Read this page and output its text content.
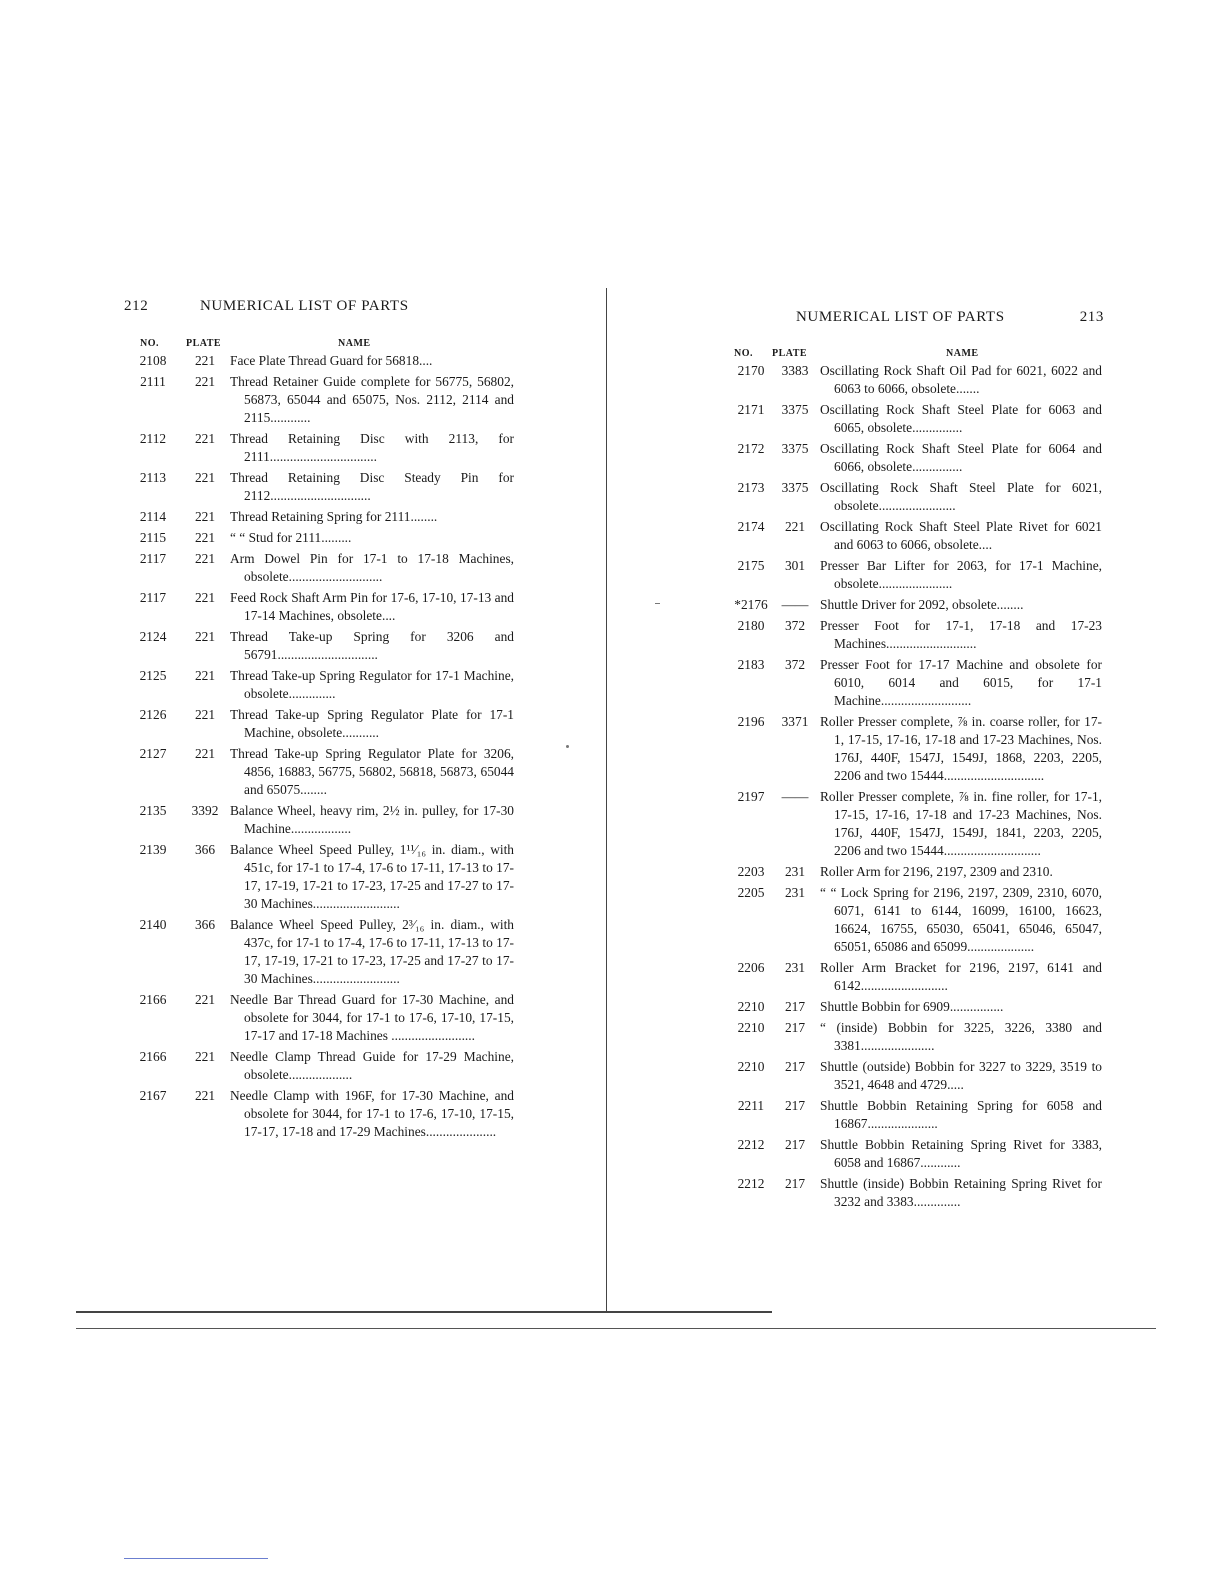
212	NUMERICAL LIST OF PARTS
NO.	PLATE	NAME
2108	221	Face Plate Thread Guard for 56818....
2111	221	Thread Retainer Guide complete for 56775, 56802, 56873, 65044 and 65075, Nos. 2112, 2114 and 2115............
2112	221	Thread Retaining Disc with 2113, for 2111................................
2113	221	Thread Retaining Disc Steady Pin for 2112..............................
2114	221	Thread Retaining Spring for 2111........
2115	221	“ “ Stud for 2111.........
2117	221	Arm Dowel Pin for 17-1 to 17-18 Machines, obsolete............................
2117	221	Feed Rock Shaft Arm Pin for 17-6, 17-10, 17-13 and 17-14 Machines, obsolete....
2124	221	Thread Take-up Spring for 3206 and 56791..............................
2125	221	Thread Take-up Spring Regulator for 17-1 Machine, obsolete..............
2126	221	Thread Take-up Spring Regulator Plate for 17-1 Machine, obsolete...........
2127	221	Thread Take-up Spring Regulator Plate for 3206, 4856, 16883, 56775, 56802, 56818, 56873, 65044 and 65075........
2135	3392 Balance Wheel, heavy rim, 2½ in. pulley, for 17-30 Machine..................
2139	366	Balance Wheel Speed Pulley, 1¹¹⁄₁₆ in. diam., with 451c, for 17-1 to 17-4, 17-6 to 17-11, 17-13 to 17-17, 17-19, 17-21 to 17-23, 17-25 and 17-27 to 17-30 Machines..........................
2140	366	Balance Wheel Speed Pulley, 2³⁄₁₆ in. diam., with 437c, for 17-1 to 17-4, 17-6 to 17-11, 17-13 to 17-17, 17-19, 17-21 to 17-23, 17-25 and 17-27 to 17-30 Machines..........................
2166	221	Needle Bar Thread Guard for 17-30 Machine, and obsolete for 3044, for 17-1 to 17-6, 17-10, 17-15, 17-17 and 17-18 Machines .........................
2166	221	Needle Clamp Thread Guide for 17-29 Machine, obsolete...................
2167	221	Needle Clamp with 196F, for 17-30 Machine, and obsolete for 3044, for 17-1 to 17-6, 17-10, 17-15, 17-17, 17-18 and 17-29 Machines.....................
NUMERICAL LIST OF PARTS	213
NO. PLATE	NAME
2170	3383 Oscillating Rock Shaft Oil Pad for 6021, 6022 and 6063 to 6066, obsolete.......
2171	3375 Oscillating Rock Shaft Steel Plate for 6063 and 6065, obsolete...............
2172	3375 Oscillating Rock Shaft Steel Plate for 6064 and 6066, obsolete...............
2173	3375 Oscillating Rock Shaft Steel Plate for 6021, obsolete.......................
2174	221	Oscillating Rock Shaft Steel Plate Rivet for 6021 and 6063 to 6066, obsolete....
2175	301	Presser Bar Lifter for 2063, for 17-1 Machine, obsolete......................
*2176	—— Shuttle Driver for 2092, obsolete........
2180	372	Presser Foot for 17-1, 17-18 and 17-23 Machines...........................
2183	372	Presser Foot for 17-17 Machine and obsolete for 6010, 6014 and 6015, for 17-1 Machine...........................
2196	3371 Roller Presser complete, ⅞ in. coarse roller, for 17-1, 17-15, 17-16, 17-18 and 17-23 Machines, Nos. 176J, 440F, 1547J, 1549J, 1868, 2203, 2205, 2206 and two 15444..............................
2197	—— Roller Presser complete, ⅞ in. fine roller, for 17-1, 17-15, 17-16, 17-18 and 17-23 Machines, Nos. 176J, 440F, 1547J, 1549J, 1841, 2203, 2205, 2206 and two 15444.............................
2203	231	Roller Arm for 2196, 2197, 2309 and 2310.
2205	231	“ “ Lock Spring for 2196, 2197, 2309, 2310, 6070, 6071, 6141 to 6144, 16099, 16100, 16623, 16624, 16755, 65030, 65041, 65046, 65047, 65051, 65086 and 65099....................
2206	231	Roller Arm Bracket for 2196, 2197, 6141 and 6142..........................
2210	217	Shuttle Bobbin for 6909................
2210	217	“ (inside) Bobbin for 3225, 3226, 3380 and 3381......................
2210	217	Shuttle (outside) Bobbin for 3227 to 3229, 3519 to 3521, 4648 and 4729.....
2211	217	Shuttle Bobbin Retaining Spring for 6058 and 16867.....................
2212	217	Shuttle Bobbin Retaining Spring Rivet for 3383, 6058 and 16867............
2212	217	Shuttle (inside) Bobbin Retaining Spring Rivet for 3232 and 3383..............
